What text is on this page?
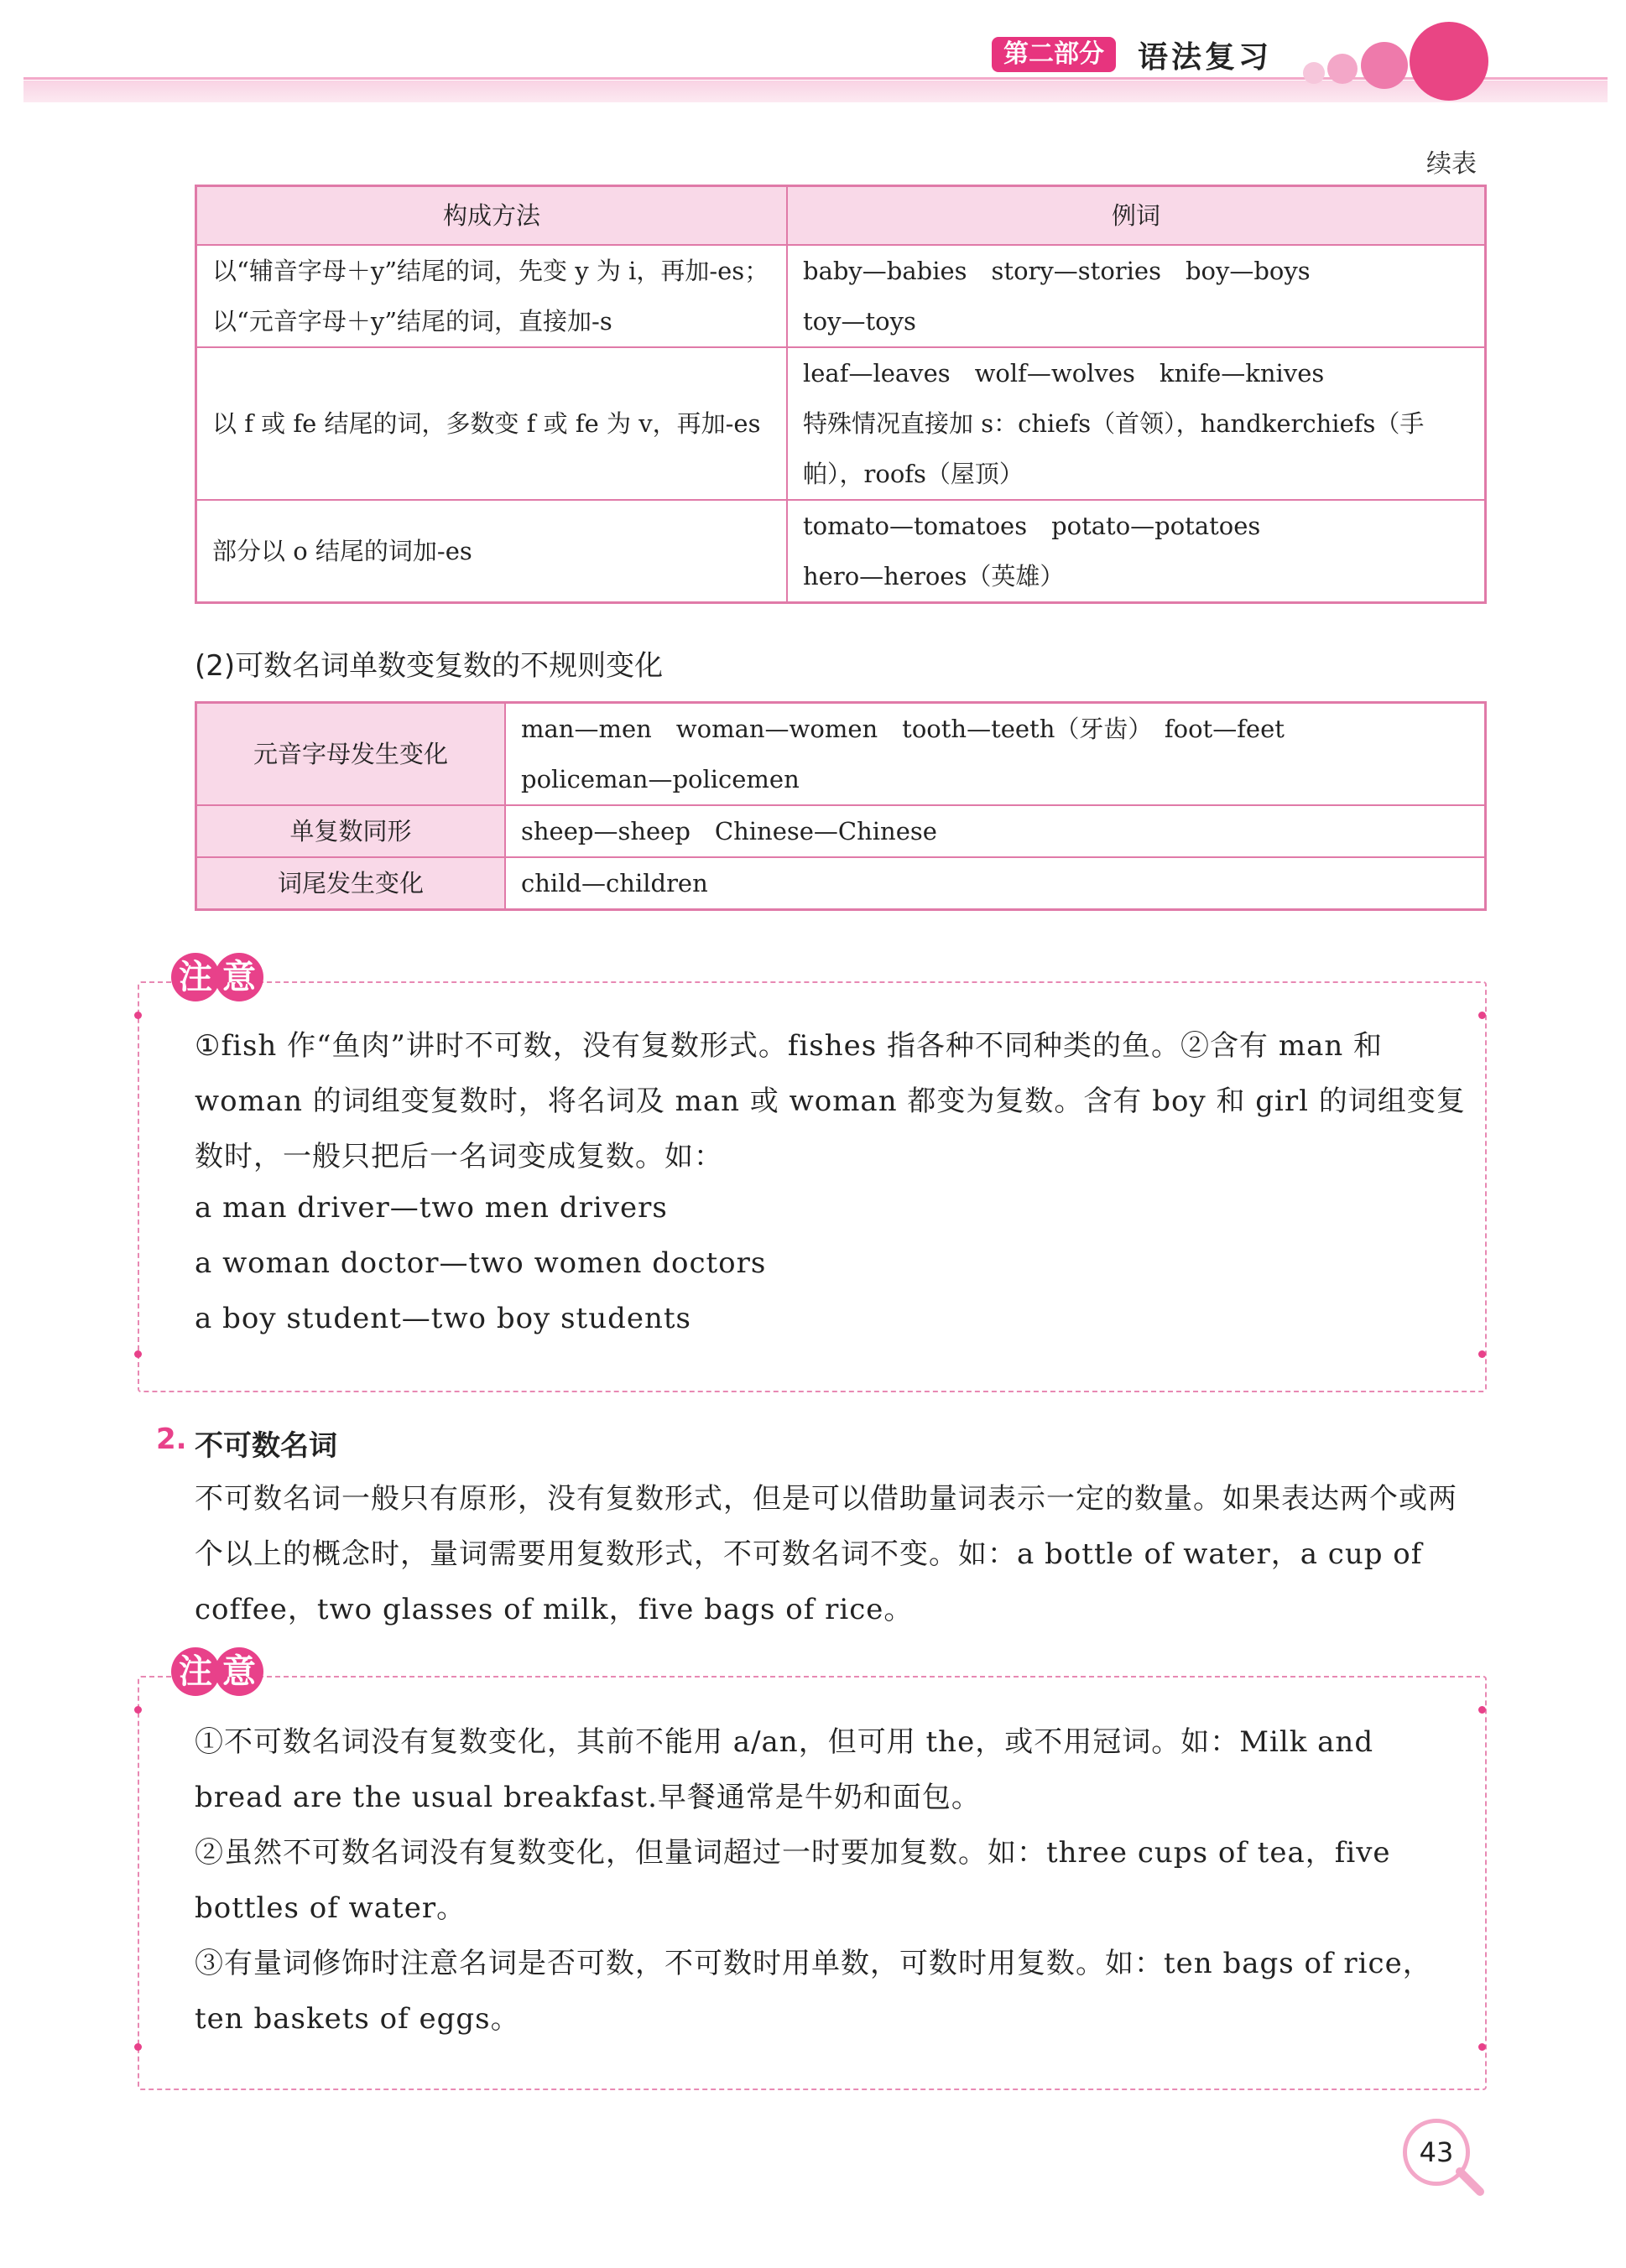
第二部分	语法复习
续表
构成方法	例词
以“辅音字母＋y”结尾的词，先变 y 为 i，再加-es；以“元音字母＋y”结尾的词，直接加-s	baby—babies　story—stories　boy—boys
toy—toys

以 f 或 fe 结尾的词，多数变 f 或 fe 为 v，再加-es	leaf—leaves　wolf—wolves　knife—knives
特殊情况直接加 s：chiefs（首领），handkerchiefs（手帕），roofs（屋顶）

部分以 o 结尾的词加-es	tomato—tomatoes　potato—potatoes
hero—heroes（英雄）
(2)可数名词单数变复数的不规则变化
元音字母发生变化	man—men　woman—women　tooth—teeth（牙齿）　foot—feet
policeman—policemen

单复数同形	sheep—sheep　Chinese—Chinese

词尾发生变化	child—children
注 意
①fish 作“鱼肉”讲时不可数，没有复数形式。fishes 指各种不同种类的鱼。②含有 man 和 woman 的词组变复数时，将名词及 man 或 woman 都变为复数。含有 boy 和 girl 的词组变复数时，一般只把后一名词变成复数。如：
a man driver—two men drivers
a woman doctor—two women doctors
a boy student—two boy students
2. 不可数名词
不可数名词一般只有原形，没有复数形式，但是可以借助量词表示一定的数量。如果表达两个或两个以上的概念时，量词需要用复数形式，不可数名词不变。如：a bottle of water，a cup of coffee，two glasses of milk，five bags of rice。
注 意
①不可数名词没有复数变化，其前不能用 a/an，但可用 the，或不用冠词。如：Milk and bread are the usual breakfast.早餐通常是牛奶和面包。
②虽然不可数名词没有复数变化，但量词超过一时要加复数。如：three cups of tea，five bottles of water。
③有量词修饰时注意名词是否可数，不可数时用单数，可数时用复数。如：ten bags of rice，ten baskets of eggs。
43
